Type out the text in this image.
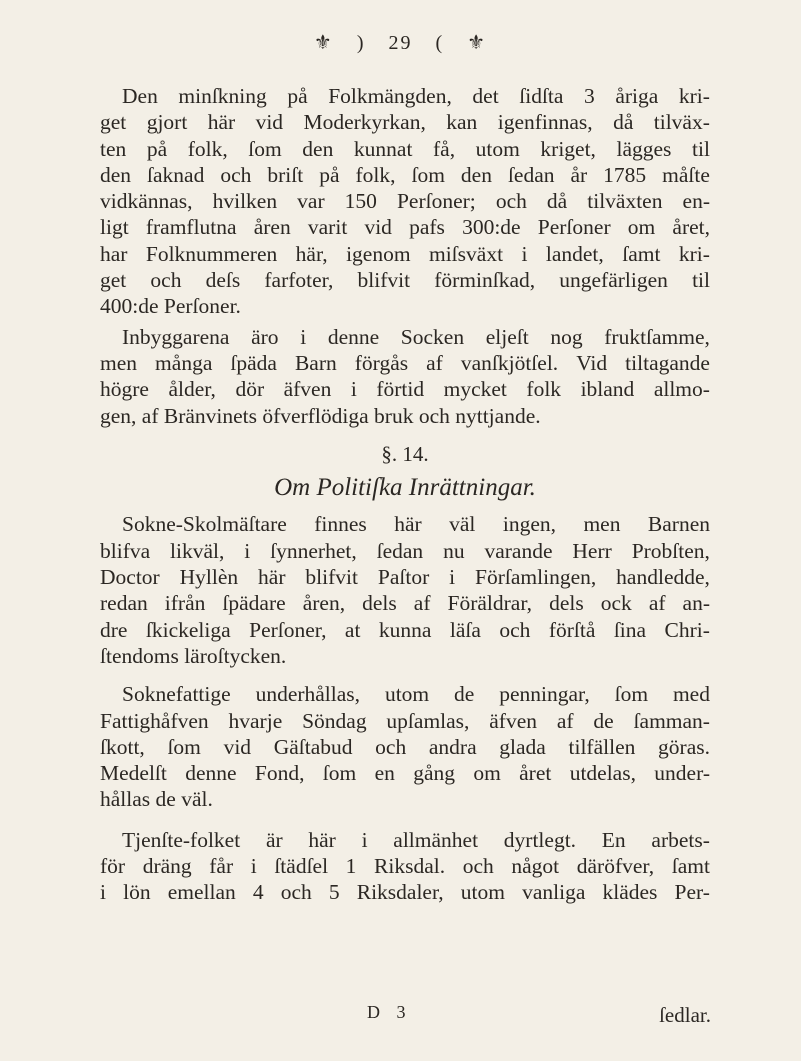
⚜ ) 29 ( ⚜
Den minſkning på Folkmängden, det ſidſta 3 åriga kri-
get gjort här vid Moderkyrkan, kan igenfinnas, då tilväx-
ten på folk, ſom den kunnat få, utom kriget, lägges til
den ſaknad och briſt på folk, ſom den ſedan år 1785 måſte
vidkännas, hvilken var 150 Perſoner; och då tilväxten en-
ligt framflutna åren varit vid pafs 300:de Perſoner om året,
har Folknummeren här, igenom miſsväxt i landet, ſamt kri-
get och deſs farfoter, blifvit förminſkad, ungefärligen til
400:de Perſoner.
Inbyggarena äro i denne Socken eljeſt nog fruktſamme,
men många ſpäda Barn förgås af vanſkjötſel. Vid tiltagande
högre ålder, dör äfven i förtid mycket folk ibland allmo-
gen, af Bränvinets öfverflödiga bruk och nyttjande.
§. 14.
Om Politiſka Inrättningar.
Sokne-Skolmäſtare finnes här väl ingen, men Barnen
blifva likväl, i ſynnerhet, ſedan nu varande Herr Probſten,
Doctor Hyllèn här blifvit Paſtor i Förſamlingen, handledde,
redan ifrån ſpädare åren, dels af Föräldrar, dels ock af an-
dre ſkickeliga Perſoner, at kunna läſa och förſtå ſina Chri-
ſtendoms läroſtycken.
Soknefattige underhållas, utom de penningar, ſom med
Fattighåfven hvarje Söndag upſamlas, äfven af de ſamman-
ſkott, ſom vid Gäſtabud och andra glada tilfällen göras.
Medelſt denne Fond, ſom en gång om året utdelas, under-
hållas de väl.
Tjenſte-folket är här i allmänhet dyrtlegt. En arbets-
för dräng får i ſtädſel 1 Riksdal. och något däröfver, ſamt
i lön emellan 4 och 5 Riksdaler, utom vanliga klädes Per-
D 3	ſedlar.
